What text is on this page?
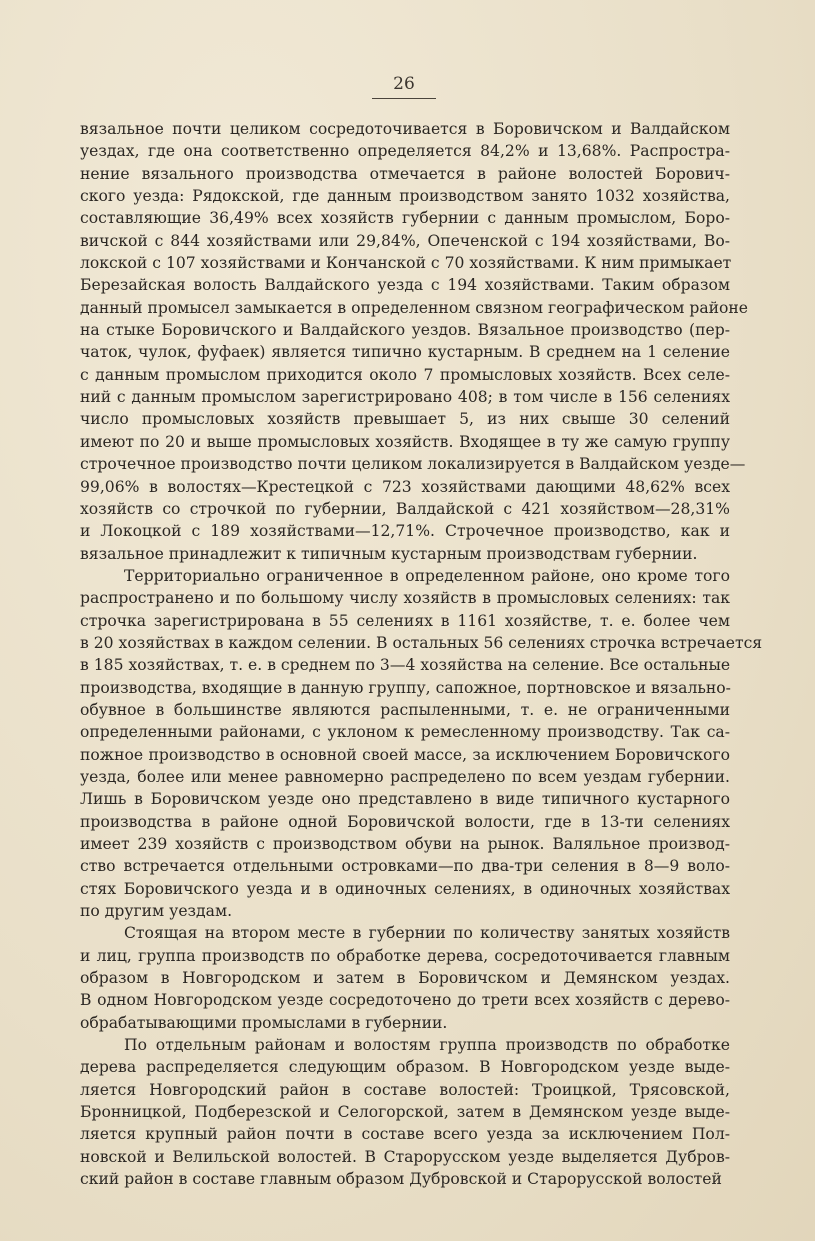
26
вязальное почти целиком сосредоточивается в Боровичском и Валдайском
уездах, где она соответственно определяется 84,2% и 13,68%. Распростра-
нение вязального производства отмечается в районе волостей Борович-
ского уезда: Рядокской, где данным производством занято 1032 хозяйства,
составляющие 36,49% всех хозяйств губернии с данным промыслом, Боро-
вичской с 844 хозяйствами или 29,84%, Опеченской с 194 хозяйствами, Во-
локской с 107 хозяйствами и Кончанской с 70 хозяйствами. К ним примыкает
Березайская волость Валдайского уезда с 194 хозяйствами. Таким образом
данный промысел замыкается в определенном связном географическом районе
на стыке Боровичского и Валдайского уездов. Вязальное производство (пер-
чаток, чулок, фуфаек) является типично кустарным. В среднем на 1 селение
с данным промыслом приходится около 7 промысловых хозяйств. Всех селе-
ний с данным промыслом зарегистрировано 408; в том числе в 156 селениях
число промысловых хозяйств превышает 5, из них свыше 30 селений
имеют по 20 и выше промысловых хозяйств. Входящее в ту же самую группу
строчечное производство почти целиком локализируется в Валдайском уезде—
99,06% в волостях—Крестецкой с 723 хозяйствами дающими 48,62% всех
хозяйств со строчкой по губернии, Валдайской с 421 хозяйством—28,31%
и Локоцкой с 189 хозяйствами—12,71%. Строчечное производство, как и
вязальное принадлежит к типичным кустарным производствам губернии.
Территориально ограниченное в определенном районе, оно кроме того
распространено и по большому числу хозяйств в промысловых селениях: так
строчка зарегистрирована в 55 селениях в 1161 хозяйстве, т. е. более чем
в 20 хозяйствах в каждом селении. В остальных 56 селениях строчка встречается
в 185 хозяйствах, т. е. в среднем по 3—4 хозяйства на селение. Все остальные
производства, входящие в данную группу, сапожное, портновское и вязально-
обувное в большинстве являются распыленными, т. е. не ограниченными
определенными районами, с уклоном к ремесленному производству. Так са-
пожное производство в основной своей массе, за исключением Боровичского
уезда, более или менее равномерно распределено по всем уездам губернии.
Лишь в Боровичском уезде оно представлено в виде типичного кустарного
производства в районе одной Боровичской волости, где в 13-ти селениях
имеет 239 хозяйств с производством обуви на рынок. Валяльное производ-
ство встречается отдельными островками—по два-три селения в 8—9 воло-
стях Боровичского уезда и в одиночных селениях, в одиночных хозяйствах
по другим уездам.
Стоящая на втором месте в губернии по количеству занятых хозяйств
и лиц, группа производств по обработке дерева, сосредоточивается главным
образом в Новгородском и затем в Боровичском и Демянском уездах.
В одном Новгородском уезде сосредоточено до трети всех хозяйств с дерево-
обрабатывающими промыслами в губернии.
По отдельным районам и волостям группа производств по обработке
дерева распределяется следующим образом. В Новгородском уезде выде-
ляется Новгородский район в составе волостей: Троицкой, Трясовской,
Бронницкой, Подберезской и Селогорской, затем в Демянском уезде выде-
ляется крупный район почти в составе всего уезда за исключением Пол-
новской и Велильской волостей. В Старорусском уезде выделяется Дубров-
ский район в составе главным образом Дубровской и Старорусской волостей
